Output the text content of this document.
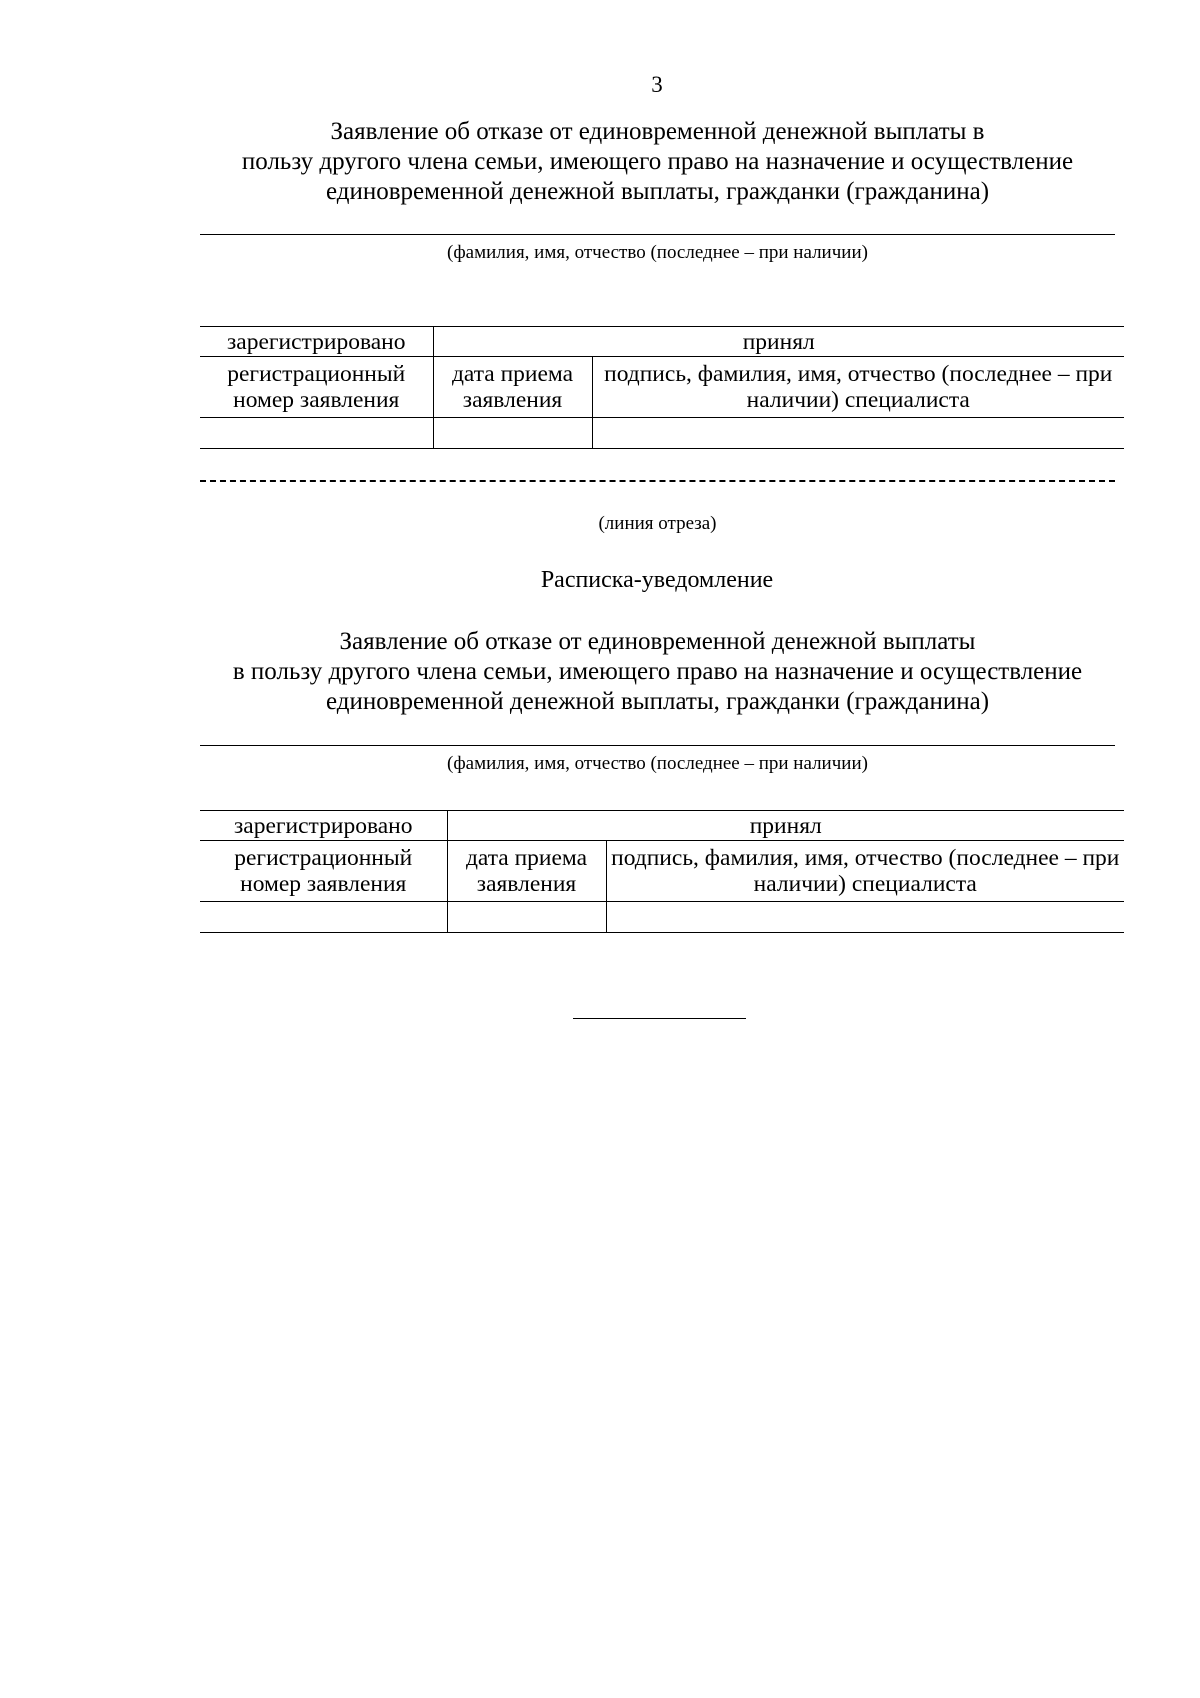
3
Заявление об отказе от единовременной денежной выплаты в
пользу другого члена семьи, имеющего право на назначение и осуществление
единовременной денежной выплаты, гражданки (гражданина)
(фамилия, имя, отчество (последнее – при наличии)
зарегистрировано	принял	
регистрационный номер заявления	дата приема заявления	подпись, фамилия, имя, отчество (последнее – при наличии) специалиста

(линия отреза)
Расписка-уведомление
Заявление об отказе от единовременной денежной выплаты
в пользу другого члена семьи, имеющего право на назначение и осуществление
единовременной денежной выплаты, гражданки (гражданина)
(фамилия, имя, отчество (последнее – при наличии)
зарегистрировано	принял	
регистрационный номер заявления	дата приема заявления	подпись, фамилия, имя, отчество (последнее – при наличии) специалиста
